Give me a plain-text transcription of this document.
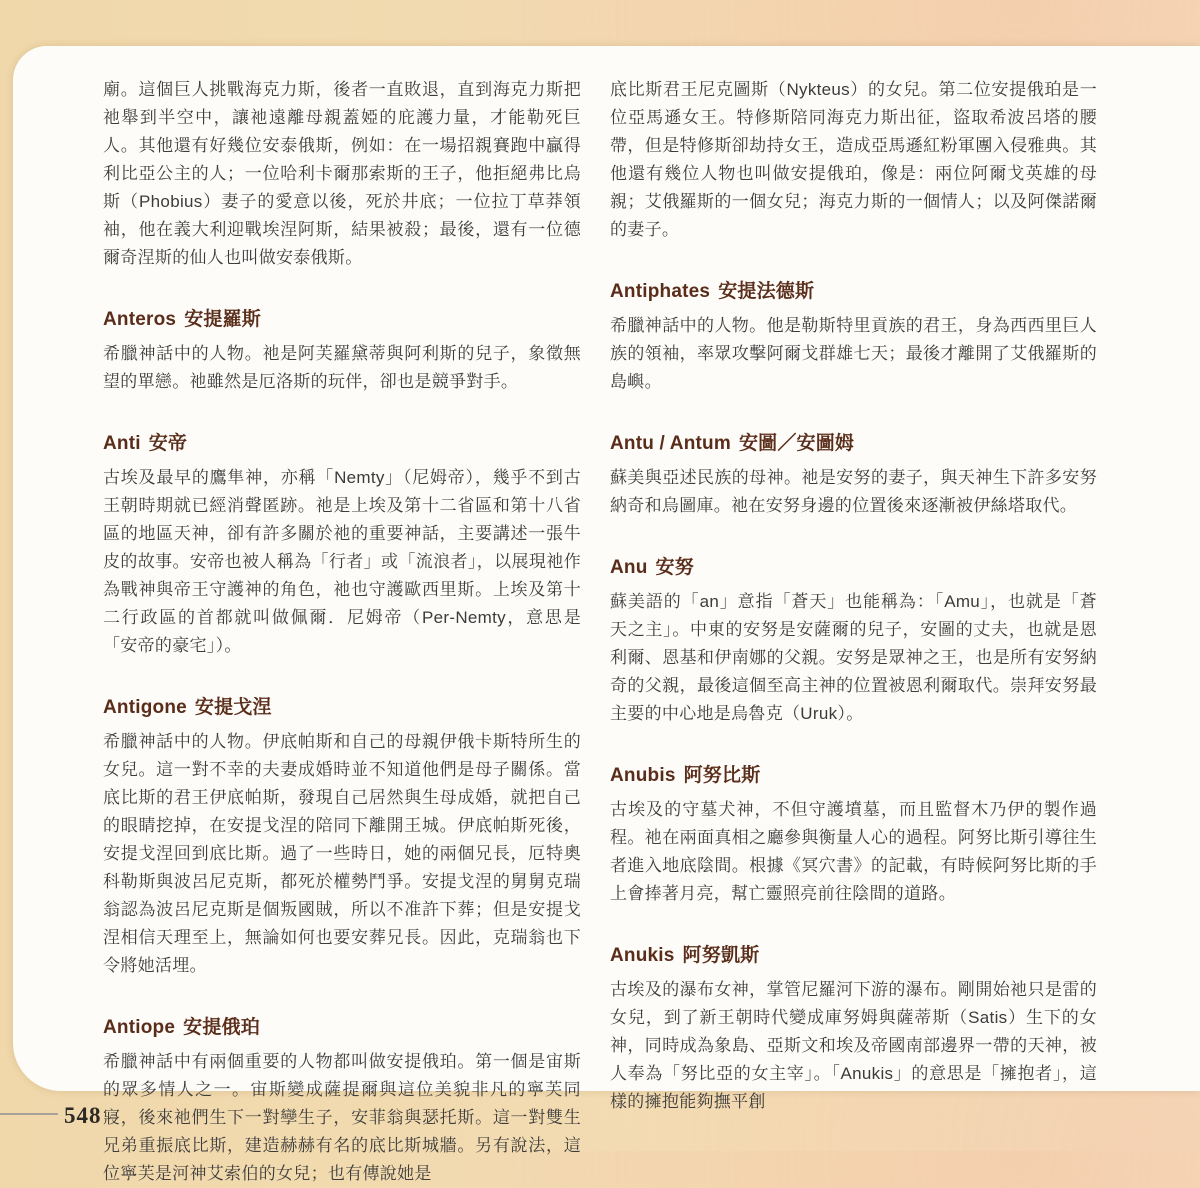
廟。這個巨人挑戰海克力斯，後者一直敗退，直到海克力斯把祂舉到半空中，讓祂遠離母親蓋婭的庇護力量，才能勒死巨人。其他還有好幾位安泰俄斯，例如：在一場招親賽跑中贏得利比亞公主的人；一位哈利卡爾那索斯的王子，他拒絕弗比烏斯（Phobius）妻子的愛意以後，死於井底；一位拉丁草莽領袖，他在義大利迎戰埃涅阿斯，結果被殺；最後，還有一位德爾奇涅斯的仙人也叫做安泰俄斯。

Anteros 安提羅斯

希臘神話中的人物。祂是阿芙羅黛蒂與阿利斯的兒子，象徵無望的單戀。祂雖然是厄洛斯的玩伴，卻也是競爭對手。

Anti 安帝

古埃及最早的鷹隼神，亦稱「Nemty」（尼姆帝），幾乎不到古王朝時期就已經消聲匿跡。祂是上埃及第十二省區和第十八省區的地區天神，卻有許多關於祂的重要神話，主要講述一張牛皮的故事。安帝也被人稱為「行者」或「流浪者」，以展現祂作為戰神與帝王守護神的角色，祂也守護歐西里斯。上埃及第十二行政區的首都就叫做佩爾．尼姆帝（Per-Nemty，意思是「安帝的豪宅」）。

Antigone 安提戈涅

希臘神話中的人物。伊底帕斯和自己的母親伊俄卡斯特所生的女兒。這一對不幸的夫妻成婚時並不知道他們是母子關係。當底比斯的君王伊底帕斯，發現自己居然與生母成婚，就把自己的眼睛挖掉，在安提戈涅的陪同下離開王城。伊底帕斯死後，安提戈涅回到底比斯。過了一些時日，她的兩個兄長，厄特奧科勒斯與波呂尼克斯，都死於權勢鬥爭。安提戈涅的舅舅克瑞翁認為波呂尼克斯是個叛國賊，所以不准許下葬；但是安提戈涅相信天理至上，無論如何也要安葬兄長。因此，克瑞翁也下令將她活埋。

Antiope 安提俄珀

希臘神話中有兩個重要的人物都叫做安提俄珀。第一個是宙斯的眾多情人之一。宙斯變成薩提爾與這位美貌非凡的寧芙同寢，後來祂們生下一對孿生子，安菲翁與瑟托斯。這一對雙生兄弟重振底比斯，建造赫赫有名的底比斯城牆。另有說法，這位寧芙是河神艾索伯的女兒；也有傳說她是

底比斯君王尼克圖斯（Nykteus）的女兒。第二位安提俄珀是一位亞馬遜女王。特修斯陪同海克力斯出征，盜取希波呂塔的腰帶，但是特修斯卻劫持女王，造成亞馬遜紅粉軍團入侵雅典。其他還有幾位人物也叫做安提俄珀，像是：兩位阿爾戈英雄的母親；艾俄羅斯的一個女兒；海克力斯的一個情人；以及阿傑諾爾的妻子。

Antiphates 安提法德斯

希臘神話中的人物。他是勒斯特里貢族的君王，身為西西里巨人族的領袖，率眾攻擊阿爾戈群雄七天；最後才離開了艾俄羅斯的島嶼。

Antu / Antum 安圖／安圖姆

蘇美與亞述民族的母神。祂是安努的妻子，與天神生下許多安努納奇和烏圖庫。祂在安努身邊的位置後來逐漸被伊絲塔取代。

Anu 安努

蘇美語的「an」意指「蒼天」也能稱為：「Amu」，也就是「蒼天之主」。中東的安努是安薩爾的兒子，安圖的丈夫，也就是恩利爾、恩基和伊南娜的父親。安努是眾神之王，也是所有安努納奇的父親，最後這個至高主神的位置被恩利爾取代。崇拜安努最主要的中心地是烏魯克（Uruk）。

Anubis 阿努比斯

古埃及的守墓犬神，不但守護墳墓，而且監督木乃伊的製作過程。祂在兩面真相之廳參與衡量人心的過程。阿努比斯引導往生者進入地底陰間。根據《冥穴書》的記載，有時候阿努比斯的手上會捧著月亮，幫亡靈照亮前往陰間的道路。

Anukis 阿努凱斯

古埃及的瀑布女神，掌管尼羅河下游的瀑布。剛開始祂只是雷的女兒，到了新王朝時代變成庫努姆與薩蒂斯（Satis）生下的女神，同時成為象島、亞斯文和埃及帝國南部邊界一帶的天神，被人奉為「努比亞的女主宰」。「Anukis」的意思是「擁抱者」，這樣的擁抱能夠撫平創

548
